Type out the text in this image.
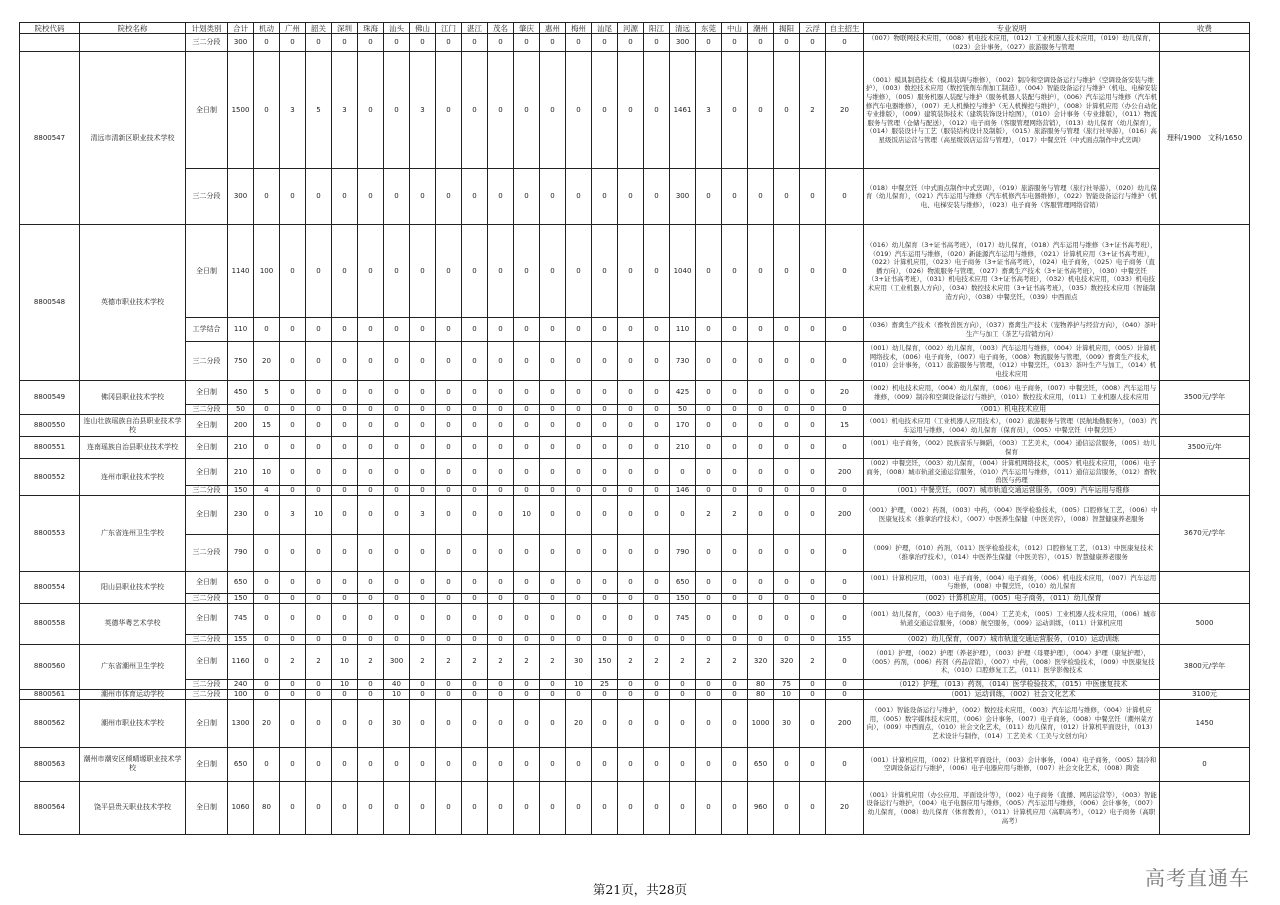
院校代码	院校名称	计划类别	合计	机动	广州	韶关	深圳	珠海	汕头	佛山	江门	湛江	茂名	肇庆	惠州	梅州	汕尾	河源	阳江	清远	东莞	中山	潮州	揭阳	云浮	自主招生	专业说明	收费
		三二分段	300	0	0	0	0	0	0	0	0	0	0	0	0	0	0	0	0	300	0	0	0	0	0	0	（007）物联网技术应用，（008）机电技术应用，（012）工业机器人技术应用，（019）幼儿保育，（023）会计事务，（027）旅游服务与管理	
8800547	清远市清新区职业技术学校	全日制	1500	0	3	5	3	0	0	3	0	0	0	0	0	0	0	0	0	1461	3	0	0	0	2	20	（001）模具制造技术（模具装调与维修），（002）制冷和空调设备运行与维护（空调设备安装与维护），（003）数控技术应用（数控铣削车削加工制造），（004）智能设备运行与维护（机电、电梯安装与维修），（005）服务机器人装配与维护（服务机器人装配与维护），（006）汽车运用与维修（汽车机修汽车电器维修），（007）无人机操控与维护（无人机操控与维护），（008）计算机应用（办公自动化专业排版），（009）建筑装饰技术（建筑装饰设计绘图），（010）会计事务（专业排版），（011）物流服务与管理（仓储与配送），（012）电子商务（客服管理网络营销），（013）幼儿保育（幼儿保育），（014）服装设计与工艺（服装结构设计及制版），（015）旅游服务与管理（旅行社导游），（016）高星级饭店运营与管理（高星级饭店运营与管理），（017）中餐烹饪（中式面点制作中式烹调）	理科/1900　文科/1650
		三二分段	300	0	0	0	0	0	0	0	0	0	0	0	0	0	0	0	0	300	0	0	0	0	0	0	（018）中餐烹饪（中式面点制作中式烹调），（019）旅游服务与管理（旅行社导游），（020）幼儿保育（幼儿保育），（021）汽车运用与维修（汽车机修汽车电器维修），（022）智能设备运行与维护（机电、电梯安装与维修），（023）电子商务（客服管理网络营销）	
8800548	英德市职业技术学校	全日制	1140	100	0	0	0	0	0	0	0	0	0	0	0	0	0	0	0	1040	0	0	0	0	0	0	（016）幼儿保育（3+证书高考班），（017）幼儿保育，（018）汽车运用与维修（3+证书高考班），（019）汽车运用与维修，（020）新能源汽车运用与维修，（021）计算机应用（3+证书高考班），（022）计算机应用，（023）电子商务（3+证书高考班），（024）电子商务，（025）电子商务（直播方向），（026）物流服务与管理，（027）畜禽生产技术（3+证书高考班），（030）中餐烹饪（3+证书高考班），（031）机电技术应用（3+证书高考班），（032）机电技术应用，（033）机电技术应用（工业机器人方向），（034）数控技术应用（3+证书高考班），（035）数控技术应用（智能制造方向），（038）中餐烹饪，（039）中西面点	
		工学结合	110	0	0	0	0	0	0	0	0	0	0	0	0	0	0	0	0	110	0	0	0	0	0	0	（036）畜禽生产技术（畜牧兽医方向），（037）畜禽生产技术（宠物养护与经营方向），（040）茶叶生产与加工（茶艺与营销方向）	
		三二分段	750	20	0	0	0	0	0	0	0	0	0	0	0	0	0	0	0	730	0	0	0	0	0	0	（001）幼儿保育，（002）幼儿保育，（003）汽车运用与维修，（004）计算机应用，（005）计算机网络技术，（006）电子商务，（007）电子商务，（008）物流服务与管理，（009）畜禽生产技术，（010）会计事务，（011）旅游服务与管理，（012）中餐烹饪，（013）茶叶生产与加工，（014）机电技术应用	
8800549	佛冈县职业技术学校	全日制	450	5	0	0	0	0	0	0	0	0	0	0	0	0	0	0	0	425	0	0	0	0	0	20	（002）机电技术应用，（004）幼儿保育，（006）电子商务，（007）中餐烹饪，（008）汽车运用与维修，（009）制冷和空调设备运行与维护，（010）数控技术应用，（011）工业机器人技术应用	3500元/学年
		三二分段	50	0	0	0	0	0	0	0	0	0	0	0	0	0	0	0	0	50	0	0	0	0	0	0	（001）机电技术应用	
8800550	连山壮族瑶族自治县职业技术学校	全日制	200	15	0	0	0	0	0	0	0	0	0	0	0	0	0	0	0	170	0	0	0	0	0	15	（001）机电技术应用（工业机器人应用技术），（002）旅游服务与管理（民航地勤服务），（003）汽车运用与维修，（004）幼儿保育（保育员），（005）中餐烹饪（中餐烹饪）	
8800551	连南瑶族自治县职业技术学校	全日制	210	0	0	0	0	0	0	0	0	0	0	0	0	0	0	0	0	210	0	0	0	0	0	0	（001）电子商务，（002）民族音乐与舞蹈，（003）工艺美术，（004）通信运营服务，（005）幼儿保育	3500元/年
8800552	连州市职业技术学校	全日制	210	10	0	0	0	0	0	0	0	0	0	0	0	0	0	0	0	0	0	0	0	0	0	200	（002）中餐烹饪，（003）幼儿保育，（004）计算机网络技术，（005）机电技术应用，（006）电子商务，（008）城市轨道交通运营服务，（010）汽车运用与维修，（011）通信运营服务，（012）畜牧兽医与药理	
		三二分段	150	4	0	0	0	0	0	0	0	0	0	0	0	0	0	0	0	146	0	0	0	0	0	0	（001）中餐烹饪，（007）城市轨道交通运营服务，（009）汽车运用与维修	
8800553	广东省连州卫生学校	全日制	230	0	3	10	0	0	0	3	0	0	0	10	0	0	0	0	0	0	2	2	0	0	0	200	（001）护理，（002）药剂，（003）中药，（004）医学检验技术，（005）口腔修复工艺，（006）中医康复技术（推拿治疗技术），（007）中医养生保健（中医美容），（008）智慧健康养老服务	3670元/学年
		三二分段	790	0	0	0	0	0	0	0	0	0	0	0	0	0	0	0	0	790	0	0	0	0	0	0	（009）护理，（010）药剂，（011）医学检验技术，（012）口腔修复工艺，（013）中医康复技术（推拿治疗技术），（014）中医养生保健（中医美容），（015）智慧健康养老服务	
8800554	阳山县职业技术学校	全日制	650	0	0	0	0	0	0	0	0	0	0	0	0	0	0	0	0	650	0	0	0	0	0	0	（001）计算机应用，（003）电子商务，（004）电子商务，（006）机电技术应用，（007）汽车运用与维修，（008）中餐烹饪，（010）幼儿保育	
		三二分段	150	0	0	0	0	0	0	0	0	0	0	0	0	0	0	0	0	150	0	0	0	0	0	0	（002）计算机应用，（005）电子商务，（011）幼儿保育	
8800558	英德华粤艺术学校	全日制	745	0	0	0	0	0	0	0	0	0	0	0	0	0	0	0	0	745	0	0	0	0	0	0	（001）幼儿保育，（003）电子商务，（004）工艺美术，（005）工业机器人技术应用，（006）城市轨道交通运营服务，（008）航空服务，（009）运动训练，（011）计算机应用	5000
		三二分段	155	0	0	0	0	0	0	0	0	0	0	0	0	0	0	0	0	0	0	0	0	0	0	155	（002）幼儿保育，（007）城市轨道交通运营服务，（010）运动训练	
8800560	广东省潮州卫生学校	全日制	1160	0	2	2	10	2	300	2	2	2	2	2	2	30	150	2	2	2	2	2	320	320	2	0	（001）护理，（002）护理（养老护理），（003）护理（母婴护理），（004）护理（康复护理），（005）药剂，（006）药剂（药品营销），（007）中药，（008）医学检验技术，（009）中医康复技术，（010）口腔修复工艺，（011）医学影像技术	3800元/学年
		三二分段	240	0	0	0	10	0	40	0	0	0	0	0	0	10	25	0	0	0	0	0	80	75	0	0	（012）护理，（013）药剂，（014）医学检验技术，（015）中医康复技术	
8800561	潮州市体育运动学校	三二分段	100	0	0	0	0	0	10	0	0	0	0	0	0	0	0	0	0	0	0	0	80	10	0	0	（001）运动训练，（002）社会文化艺术	3100元
8800562	潮州市职业技术学校	全日制	1300	20	0	0	0	0	30	0	0	0	0	0	0	20	0	0	0	0	0	0	1000	30	0	200	（001）智能设备运行与维护，（002）数控技术应用，（003）汽车运用与维修，（004）计算机应用，（005）数字媒体技术应用，（006）会计事务，（007）电子商务，（008）中餐烹饪（潮州菜方向），（009）中西面点，（010）社会文化艺术，（011）幼儿保育，（012）计算机平面设计，（013）艺术设计与制作，（014）工艺美术（工美与文创方向）	1450
8800563	潮州市潮安区倾晴塬职业技术学校	全日制	650	0	0	0	0	0	0	0	0	0	0	0	0	0	0	0	0	0	0	0	650	0	0	0	（001）计算机应用，（002）计算机平面设计，（003）会计事务，（004）电子商务，（005）制冷和空调设备运行与维护，（006）电子电器应用与维修，（007）社会文化艺术，（008）陶瓷	0
8800564	饶平县贵天职业技术学校	全日制	1060	80	0	0	0	0	0	0	0	0	0	0	0	0	0	0	0	0	0	0	960	0	0	20	（001）计算机应用（办公应用、平面设计等），（002）电子商务（直播、网店运营等），（003）智能设备运行与维护，（004）电子电器应用与维修，（005）汽车运用与维修，（006）会计事务，（007）幼儿保育，（008）幼儿保育（体育教育），（011）计算机应用（高职高考），（012）电子商务（高职高考）	
第21页，共28页	高考直通车
